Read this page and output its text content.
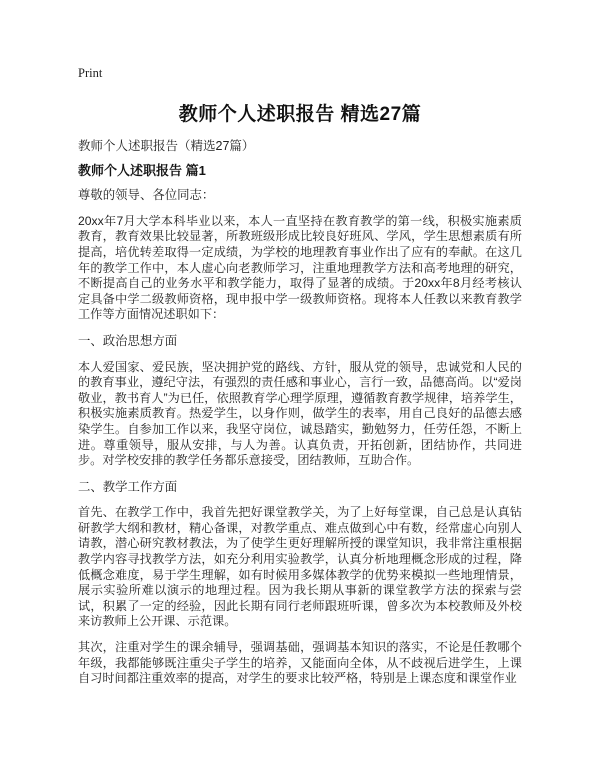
Print
教师个人述职报告 精选27篇
教师个人述职报告（精选27篇）
教师个人述职报告 篇1
尊敬的领导、各位同志：
20xx年7月大学本科毕业以来，本人一直坚持在教育教学的第一线，积极实施素质教育，教育效果比较显著，所教班级形成比较良好班风、学风，学生思想素质有所提高，培优转差取得一定成绩，为学校的地理教育事业作出了应有的奉献。在这几年的教学工作中，本人虚心向老教师学习，注重地理教学方法和高考地理的研究，不断提高自己的业务水平和教学能力，取得了显著的成绩。于20xx年8月经考核认定具备中学二级教师资格，现申报中学一级教师资格。现将本人任教以来教育教学工作等方面情况述职如下：
一、政治思想方面
本人爱国家、爱民族，坚决拥护党的路线、方针，服从党的领导，忠诚党和人民的的教育事业，遵纪守法，有强烈的责任感和事业心，言行一致，品德高尚。以“爱岗敬业，教书育人”为已任，依照教育学心理学原理，遵循教育教学规律，培养学生，积极实施素质教育。热爱学生，以身作则，做学生的表率，用自己良好的品德去感染学生。自参加工作以来，我坚守岗位，诚恳踏实，勤勉努力，任劳任怨，不断上进。尊重领导，服从安排，与人为善。认真负责，开拓创新，团结协作，共同进步。对学校安排的教学任务都乐意接受，团结教师，互助合作。
二、教学工作方面
首先、在教学工作中，我首先把好课堂教学关，为了上好每堂课，自己总是认真钻研教学大纲和教材，精心备课，对教学重点、难点做到心中有数，经常虚心向别人请教，潜心研究教材教法，为了使学生更好理解所授的课堂知识，我非常注重根据教学内容寻找教学方法，如充分利用实验教学，认真分析地理概念形成的过程，降低概念难度，易于学生理解，如有时候用多媒体教学的优势来模拟一些地理情景，展示实验所难以演示的地理过程。因为我长期从事新的课堂教学方法的探索与尝试，积累了一定的经验，因此长期有同行老师跟班听课，曾多次为本校教师及外校来访教师上公开课、示范课。
其次，注重对学生的课余辅导，强调基础，强调基本知识的落实，不论是任教哪个年级，我都能够既注重尖子学生的培养，又能面向全体，从不歧视后进学生，上课自习时间都注重效率的提高，对学生的要求比较严格，特别是上课态度和课堂作业
